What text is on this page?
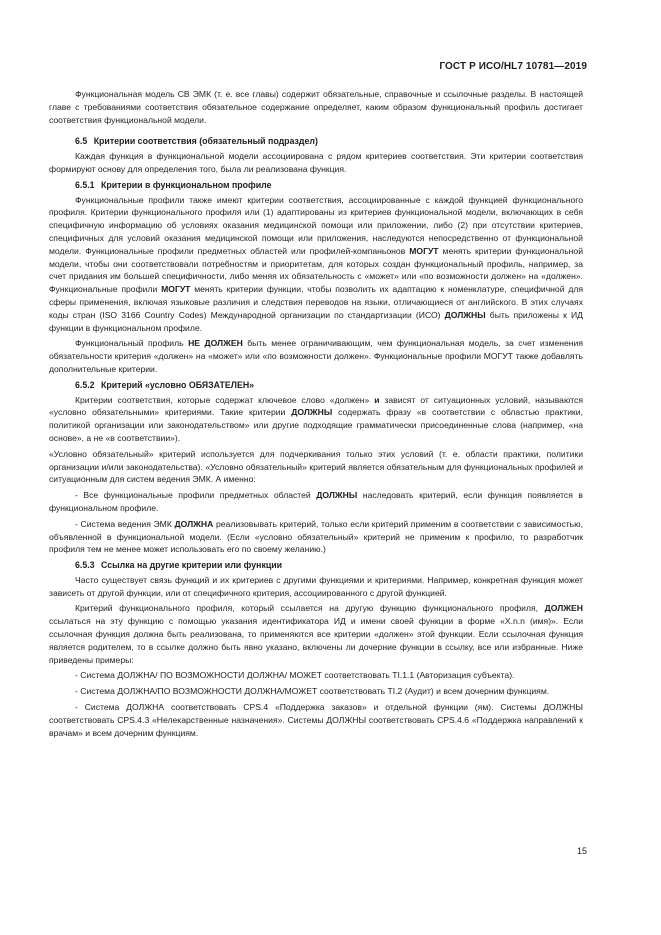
ГОСТ Р ИСО/HL7 10781—2019

Функциональная модель СВ ЭМК (т. е. все главы) содержит обязательные, справочные и ссылочные разделы. В настоящей главе с требованиями соответствия обязательное содержание определяет, каким образом функциональный профиль достигает соответствия функциональной модели.

6.5 Критерии соответствия (обязательный подраздел)

Каждая функция в функциональной модели ассоциирована с рядом критериев соответствия. Эти критерии соответствия формируют основу для определения того, была ли реализована функция.

6.5.1 Критерии в функциональном профиле

Функциональные профили также имеют критерии соответствия, ассоциированные с каждой функцией функционального профиля. Критерии функционального профиля или (1) адаптированы из критериев функциональной модели, включающих в себя специфичную информацию об условиях оказания медицинской помощи или приложении, либо (2) при отсутствии критериев, специфичных для условий оказания медицинской помощи или приложения, наследуются непосредственно от функциональной модели. Функциональные профили предметных областей или профилей-компаньонов МОГУТ менять критерии функциональной модели, чтобы они соответствовали потребностям и приоритетам, для которых создан функциональный профиль, например, за счет придания им большей специфичности, либо меняя их обязательность с «может» или «по возможности должен» на «должен». Функциональные профили МОГУТ менять критерии функции, чтобы позволить их адаптацию к номенклатуре, специфичной для сферы применения, включая языковые различия и следствия переводов на языки, отличающиеся от английского. В этих случаях коды стран (ISO 3166 Country Codes) Международной организации по стандартизации (ИСО) ДОЛЖНЫ быть приложены к ИД функции в функциональном профиле.

Функциональный профиль НЕ ДОЛЖЕН быть менее ограничивающим, чем функциональная модель, за счет изменения обязательности критерия «должен» на «может» или «по возможности должен». Функциональные профили МОГУТ также добавлять дополнительные критерии.

6.5.2 Критерий «условно ОБЯЗАТЕЛЕН»

Критерии соответствия, которые содержат ключевое слово «должен» и зависят от ситуационных условий, называются «условно обязательными» критериями. Такие критерии ДОЛЖНЫ содержать фразу «в соответствии с областью практики, политикой организации или законодательством» или другие подходящие грамматически присоединенные слова (например, «на основе», а не «в соответствии»).

«Условно обязательный» критерий используется для подчеркивания только этих условий (т. е. области практики, политики организации и/или законодательства). «Условно обязательный» критерий является обязательным для функциональных профилей и ситуационным для систем ведения ЭМК. А именно:

- Все функциональные профили предметных областей ДОЛЖНЫ наследовать критерий, если функция появляется в функциональном профиле.

- Система ведения ЭМК ДОЛЖНА реализовывать критерий, только если критерий применим в соответствии с зависимостью, объявленной в функциональной модели. (Если «условно обязательный» критерий не применим к профилю, то разработчик профиля тем не менее может использовать его по своему желанию.)

6.5.3 Ссылка на другие критерии или функции

Часто существует связь функций и их критериев с другими функциями и критериями. Например, конкретная функция может зависеть от другой функции, или от специфичного критерия, ассоциированного с другой функцией.

Критерий функционального профиля, который ссылается на другую функцию функционального профиля, ДОЛЖЕН ссылаться на эту функцию с помощью указания идентификатора ИД и имени своей функции в форме «X.n.n (имя)». Если ссылочная функция должна быть реализована, то применяются все критерии «должен» этой функции. Если ссылочная функция является родителем, то в ссылке должно быть явно указано, включены ли дочерние функции в ссылку, все или избранные. Ниже приведены примеры:

- Система ДОЛЖНА/ ПО ВОЗМОЖНОСТИ ДОЛЖНА/ МОЖЕТ соответствовать TI.1.1 (Авторизация субъекта).

- Система ДОЛЖНА/ПО ВОЗМОЖНОСТИ ДОЛЖНА/МОЖЕТ соответствовать TI.2 (Аудит) и всем дочерним функциям.

- Система ДОЛЖНА соответствовать CPS.4 «Поддержка заказов» и отдельной функции (ям). Системы ДОЛЖНЫ соответствовать CPS.4.3 «Нелекарственные назначения». Системы ДОЛЖНЫ соответствовать CPS.4.6 «Поддержка направлений к врачам» и всем дочерним функциям.

15
